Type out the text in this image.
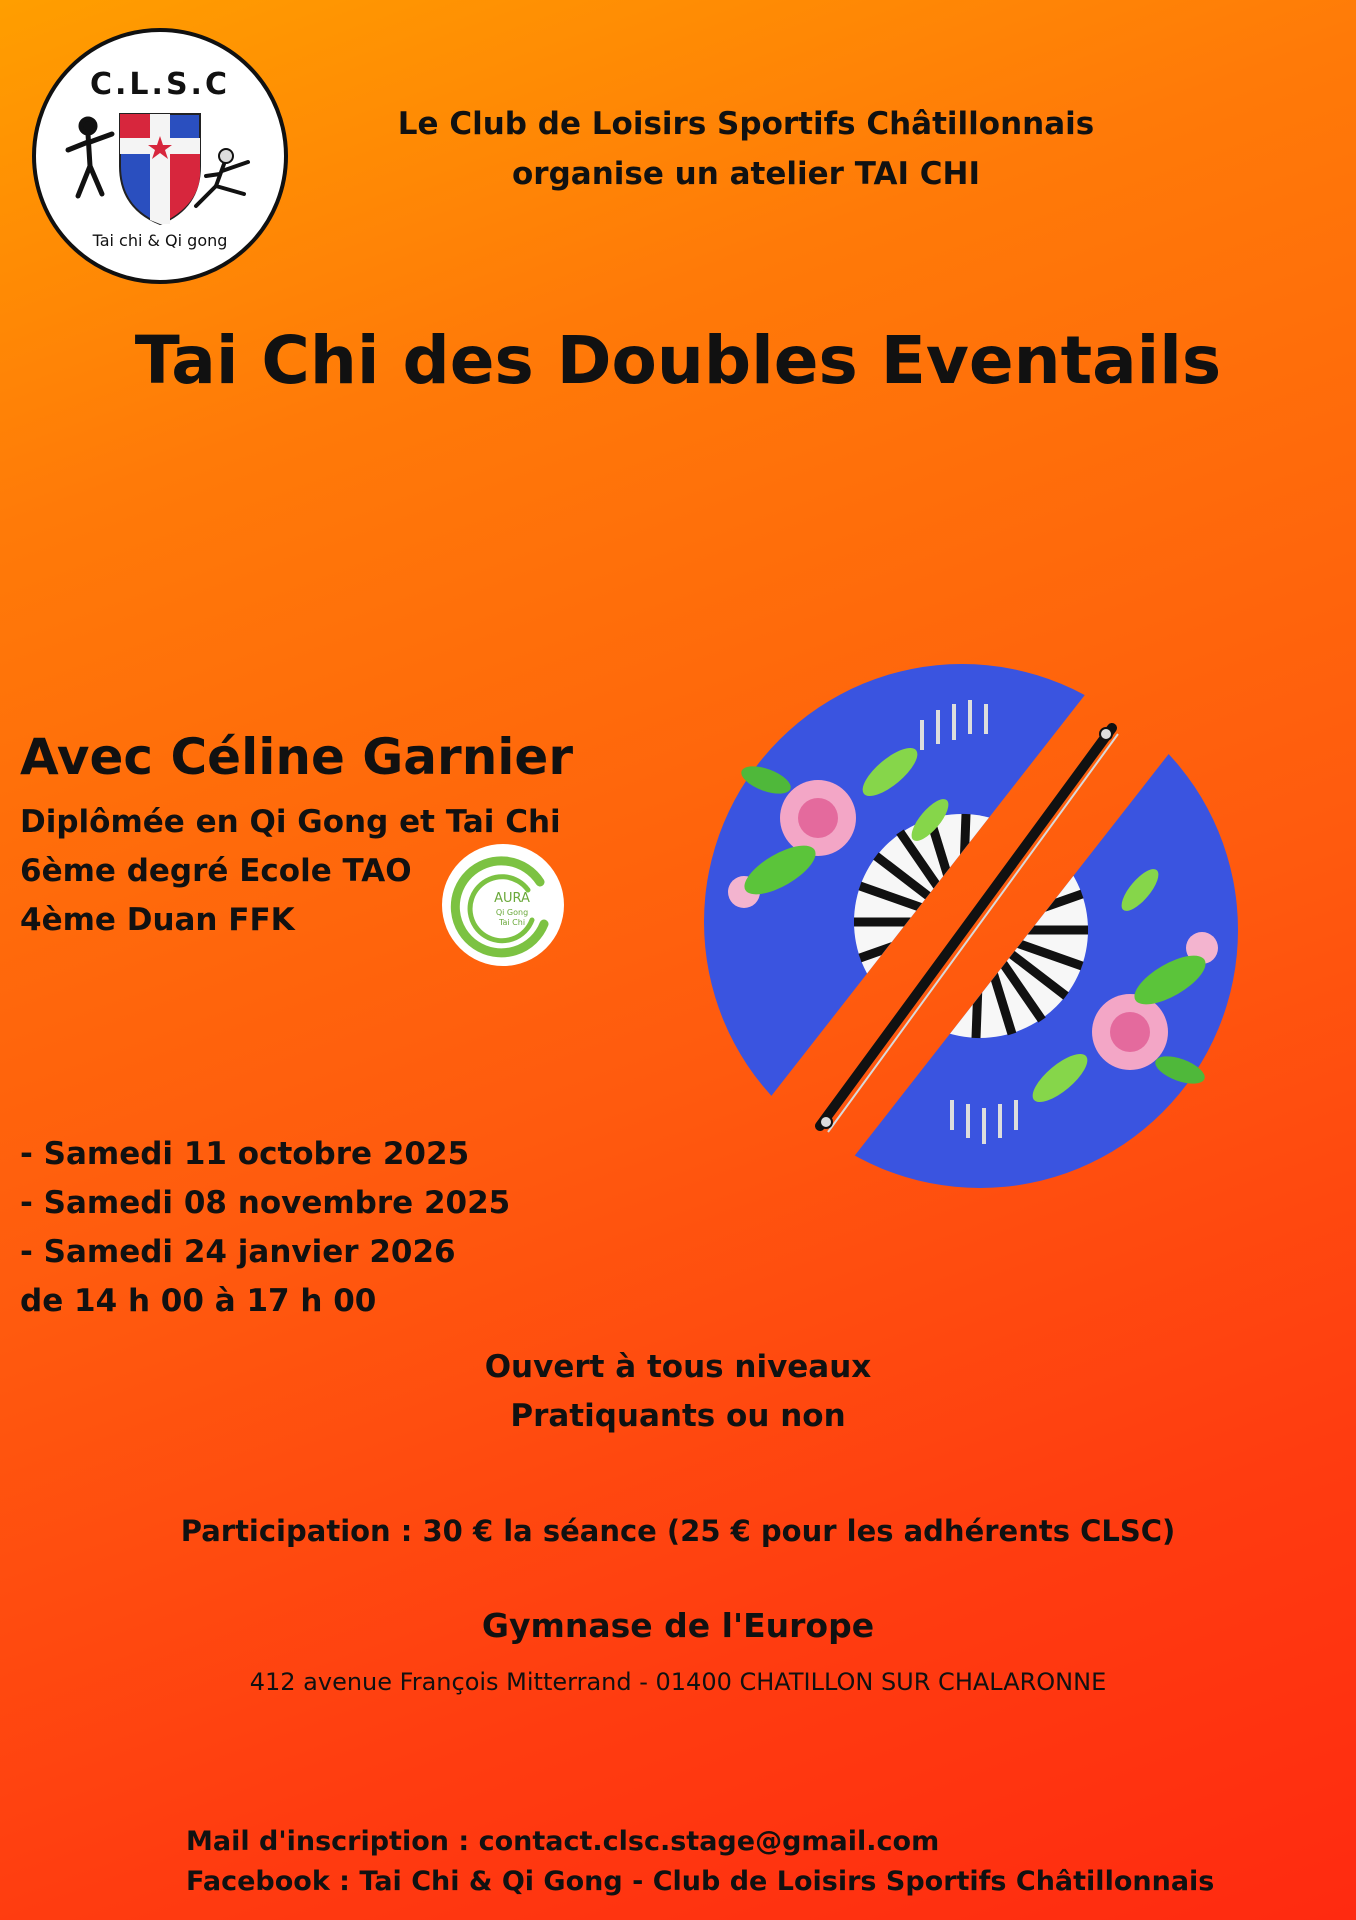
C.L.S.C
Tai chi & Qi gong
Le Club de Loisirs Sportifs Châtillonnais
organise un atelier TAI CHI
Tai Chi des Doubles Eventails
Avec Céline Garnier
Diplômée en Qi Gong et Tai Chi
6ème degré Ecole TAO
4ème Duan FFK
AURA
Qi Gong
Tai Chi
- Samedi 11 octobre 2025
- Samedi 08 novembre 2025
- Samedi 24 janvier 2026
de 14 h 00 à 17 h 00
Ouvert à tous niveaux
Pratiquants ou non
Participation : 30 € la séance (25 € pour les adhérents CLSC)
Gymnase de l'Europe
412 avenue François Mitterrand - 01400 CHATILLON SUR CHALARONNE
Mail d'inscription : contact.clsc.stage@gmail.com
Facebook : Tai Chi & Qi Gong - Club de Loisirs Sportifs Châtillonnais
